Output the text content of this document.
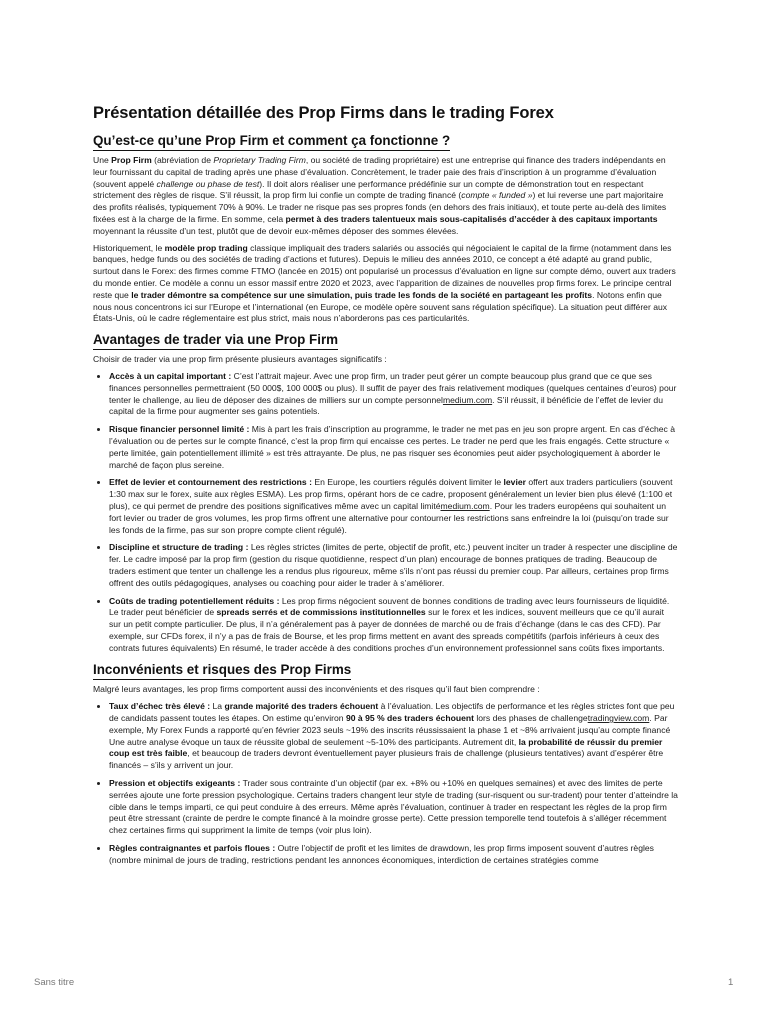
Présentation détaillée des Prop Firms dans le trading Forex
Qu’est-ce qu’une Prop Firm et comment ça fonctionne ?

Une Prop Firm (abréviation de Proprietary Trading Firm, ou société de trading propriétaire) est une entreprise qui finance des traders indépendants en leur fournissant du capital de trading après une phase d’évaluation. Concrètement, le trader paie des frais d’inscription à un programme d’évaluation (souvent appelé challenge ou phase de test). Il doit alors réaliser une performance prédéfinie sur un compte de démonstration tout en respectant strictement des règles de risque. S’il réussit, la prop firm lui confie un compte de trading financé (compte « funded ») et lui reverse une part majoritaire des profits réalisés, typiquement 70% à 90%. Le trader ne risque pas ses propres fonds (en dehors des frais initiaux), et toute perte au-delà des limites fixées est à la charge de la firme. En somme, cela permet à des traders talentueux mais sous-capitalisés d’accéder à des capitaux importants moyennant la réussite d’un test, plutôt que de devoir eux-mêmes déposer des sommes élevées.

Historiquement, le modèle prop trading classique impliquait des traders salariés ou associés qui négociaient le capital de la firme (notamment dans les banques, hedge funds ou des sociétés de trading d’actions et futures). Depuis le milieu des années 2010, ce concept a été adapté au grand public, surtout dans le Forex: des firmes comme FTMO (lancée en 2015) ont popularisé un processus d’évaluation en ligne sur compte démo, ouvert aux traders du monde entier. Ce modèle a connu un essor massif entre 2020 et 2023, avec l’apparition de dizaines de nouvelles prop firms forex. Le principe central reste que le trader démontre sa compétence sur une simulation, puis trade les fonds de la société en partageant les profits. Notons enfin que nous nous concentrons ici sur l’Europe et l’international (en Europe, ce modèle opère souvent sans régulation spécifique). La situation peut différer aux États-Unis, où le cadre réglementaire est plus strict, mais nous n’aborderons pas ces particularités.

Avantages de trader via une Prop Firm

Choisir de trader via une prop firm présente plusieurs avantages significatifs :

• Accès à un capital important : C’est l’attrait majeur. Avec une prop firm, un trader peut gérer un compte beaucoup plus grand que ce que ses finances personnelles permettraient (50 000$, 100 000$ ou plus). Il suffit de payer des frais relativement modiques (quelques centaines d’euros) pour tenter le challenge, au lieu de déposer des dizaines de milliers sur un compte personnelmedium.com. S’il réussit, il bénéficie de l’effet de levier du capital de la firme pour augmenter ses gains potentiels.
• Risque financier personnel limité : Mis à part les frais d’inscription au programme, le trader ne met pas en jeu son propre argent. En cas d’échec à l’évaluation ou de pertes sur le compte financé, c’est la prop firm qui encaisse ces pertes. Le trader ne perd que les frais engagés. Cette structure « perte limitée, gain potentiellement illimité » est très attrayante. De plus, ne pas risquer ses économies peut aider psychologiquement à aborder le marché de façon plus sereine.
• Effet de levier et contournement des restrictions : En Europe, les courtiers régulés doivent limiter le levier offert aux traders particuliers (souvent 1:30 max sur le forex, suite aux règles ESMA). Les prop firms, opérant hors de ce cadre, proposent généralement un levier bien plus élevé (1:100 et plus), ce qui permet de prendre des positions significatives même avec un capital limitémedium.com. Pour les traders européens qui souhaitent un fort levier ou trader de gros volumes, les prop firms offrent une alternative pour contourner les restrictions sans enfreindre la loi (puisqu’on trade sur les fonds de la firme, pas sur son propre compte client régulé).
• Discipline et structure de trading : Les règles strictes (limites de perte, objectif de profit, etc.) peuvent inciter un trader à respecter une discipline de fer. Le cadre imposé par la prop firm (gestion du risque quotidienne, respect d’un plan) encourage de bonnes pratiques de trading. Beaucoup de traders estiment que tenter un challenge les a rendus plus rigoureux, même s’ils n’ont pas réussi du premier coup. Par ailleurs, certaines prop firms offrent des outils pédagogiques, analyses ou coaching pour aider le trader à s’améliorer.
• Coûts de trading potentiellement réduits : Les prop firms négocient souvent de bonnes conditions de trading avec leurs fournisseurs de liquidité. Le trader peut bénéficier de spreads serrés et de commissions institutionnelles sur le forex et les indices, souvent meilleurs que ce qu’il aurait sur un petit compte particulier. De plus, il n’a généralement pas à payer de données de marché ou de frais d’échange (dans le cas des CFD). Par exemple, sur CFDs forex, il n’y a pas de frais de Bourse, et les prop firms mettent en avant des spreads compétitifs (parfois inférieurs à ceux des contrats futures équivalents) En résumé, le trader accède à des conditions proches d’un environnement professionnel sans coûts fixes importants.
Inconvénients et risques des Prop Firms

Malgré leurs avantages, les prop firms comportent aussi des inconvénients et des risques qu’il faut bien comprendre :

• Taux d’échec très élevé : La grande majorité des traders échouent à l’évaluation. Les objectifs de performance et les règles strictes font que peu de candidats passent toutes les étapes. On estime qu’environ 90 à 95 % des traders échouent lors des phases de challengetradingview.com. Par exemple, My Forex Funds a rapporté qu’en février 2023 seuls ~19% des inscrits réussissaient la phase 1 et ~8% arrivaient jusqu’au compte financé Une autre analyse évoque un taux de réussite global de seulement ~5-10% des participants. Autrement dit, la probabilité de réussir du premier coup est très faible, et beaucoup de traders devront éventuellement payer plusieurs frais de challenge (plusieurs tentatives) avant d’espérer être financés – s’ils y arrivent un jour.
• Pression et objectifs exigeants : Trader sous contrainte d’un objectif (par ex. +8% ou +10% en quelques semaines) et avec des limites de perte serrées ajoute une forte pression psychologique. Certains traders changent leur style de trading (sur-risquent ou sur-tradent) pour tenter d’atteindre la cible dans le temps imparti, ce qui peut conduire à des erreurs. Même après l’évaluation, continuer à trader en respectant les règles de la prop firm peut être stressant (crainte de perdre le compte financé à la moindre grosse perte). Cette pression temporelle tend toutefois à s’alléger récemment chez certaines firms qui suppriment la limite de temps (voir plus loin).
• Règles contraignantes et parfois floues : Outre l’objectif de profit et les limites de drawdown, les prop firms imposent souvent d’autres règles (nombre minimal de jours de trading, restrictions pendant les annonces économiques, interdiction de certaines stratégies comme
Sans titre	1
